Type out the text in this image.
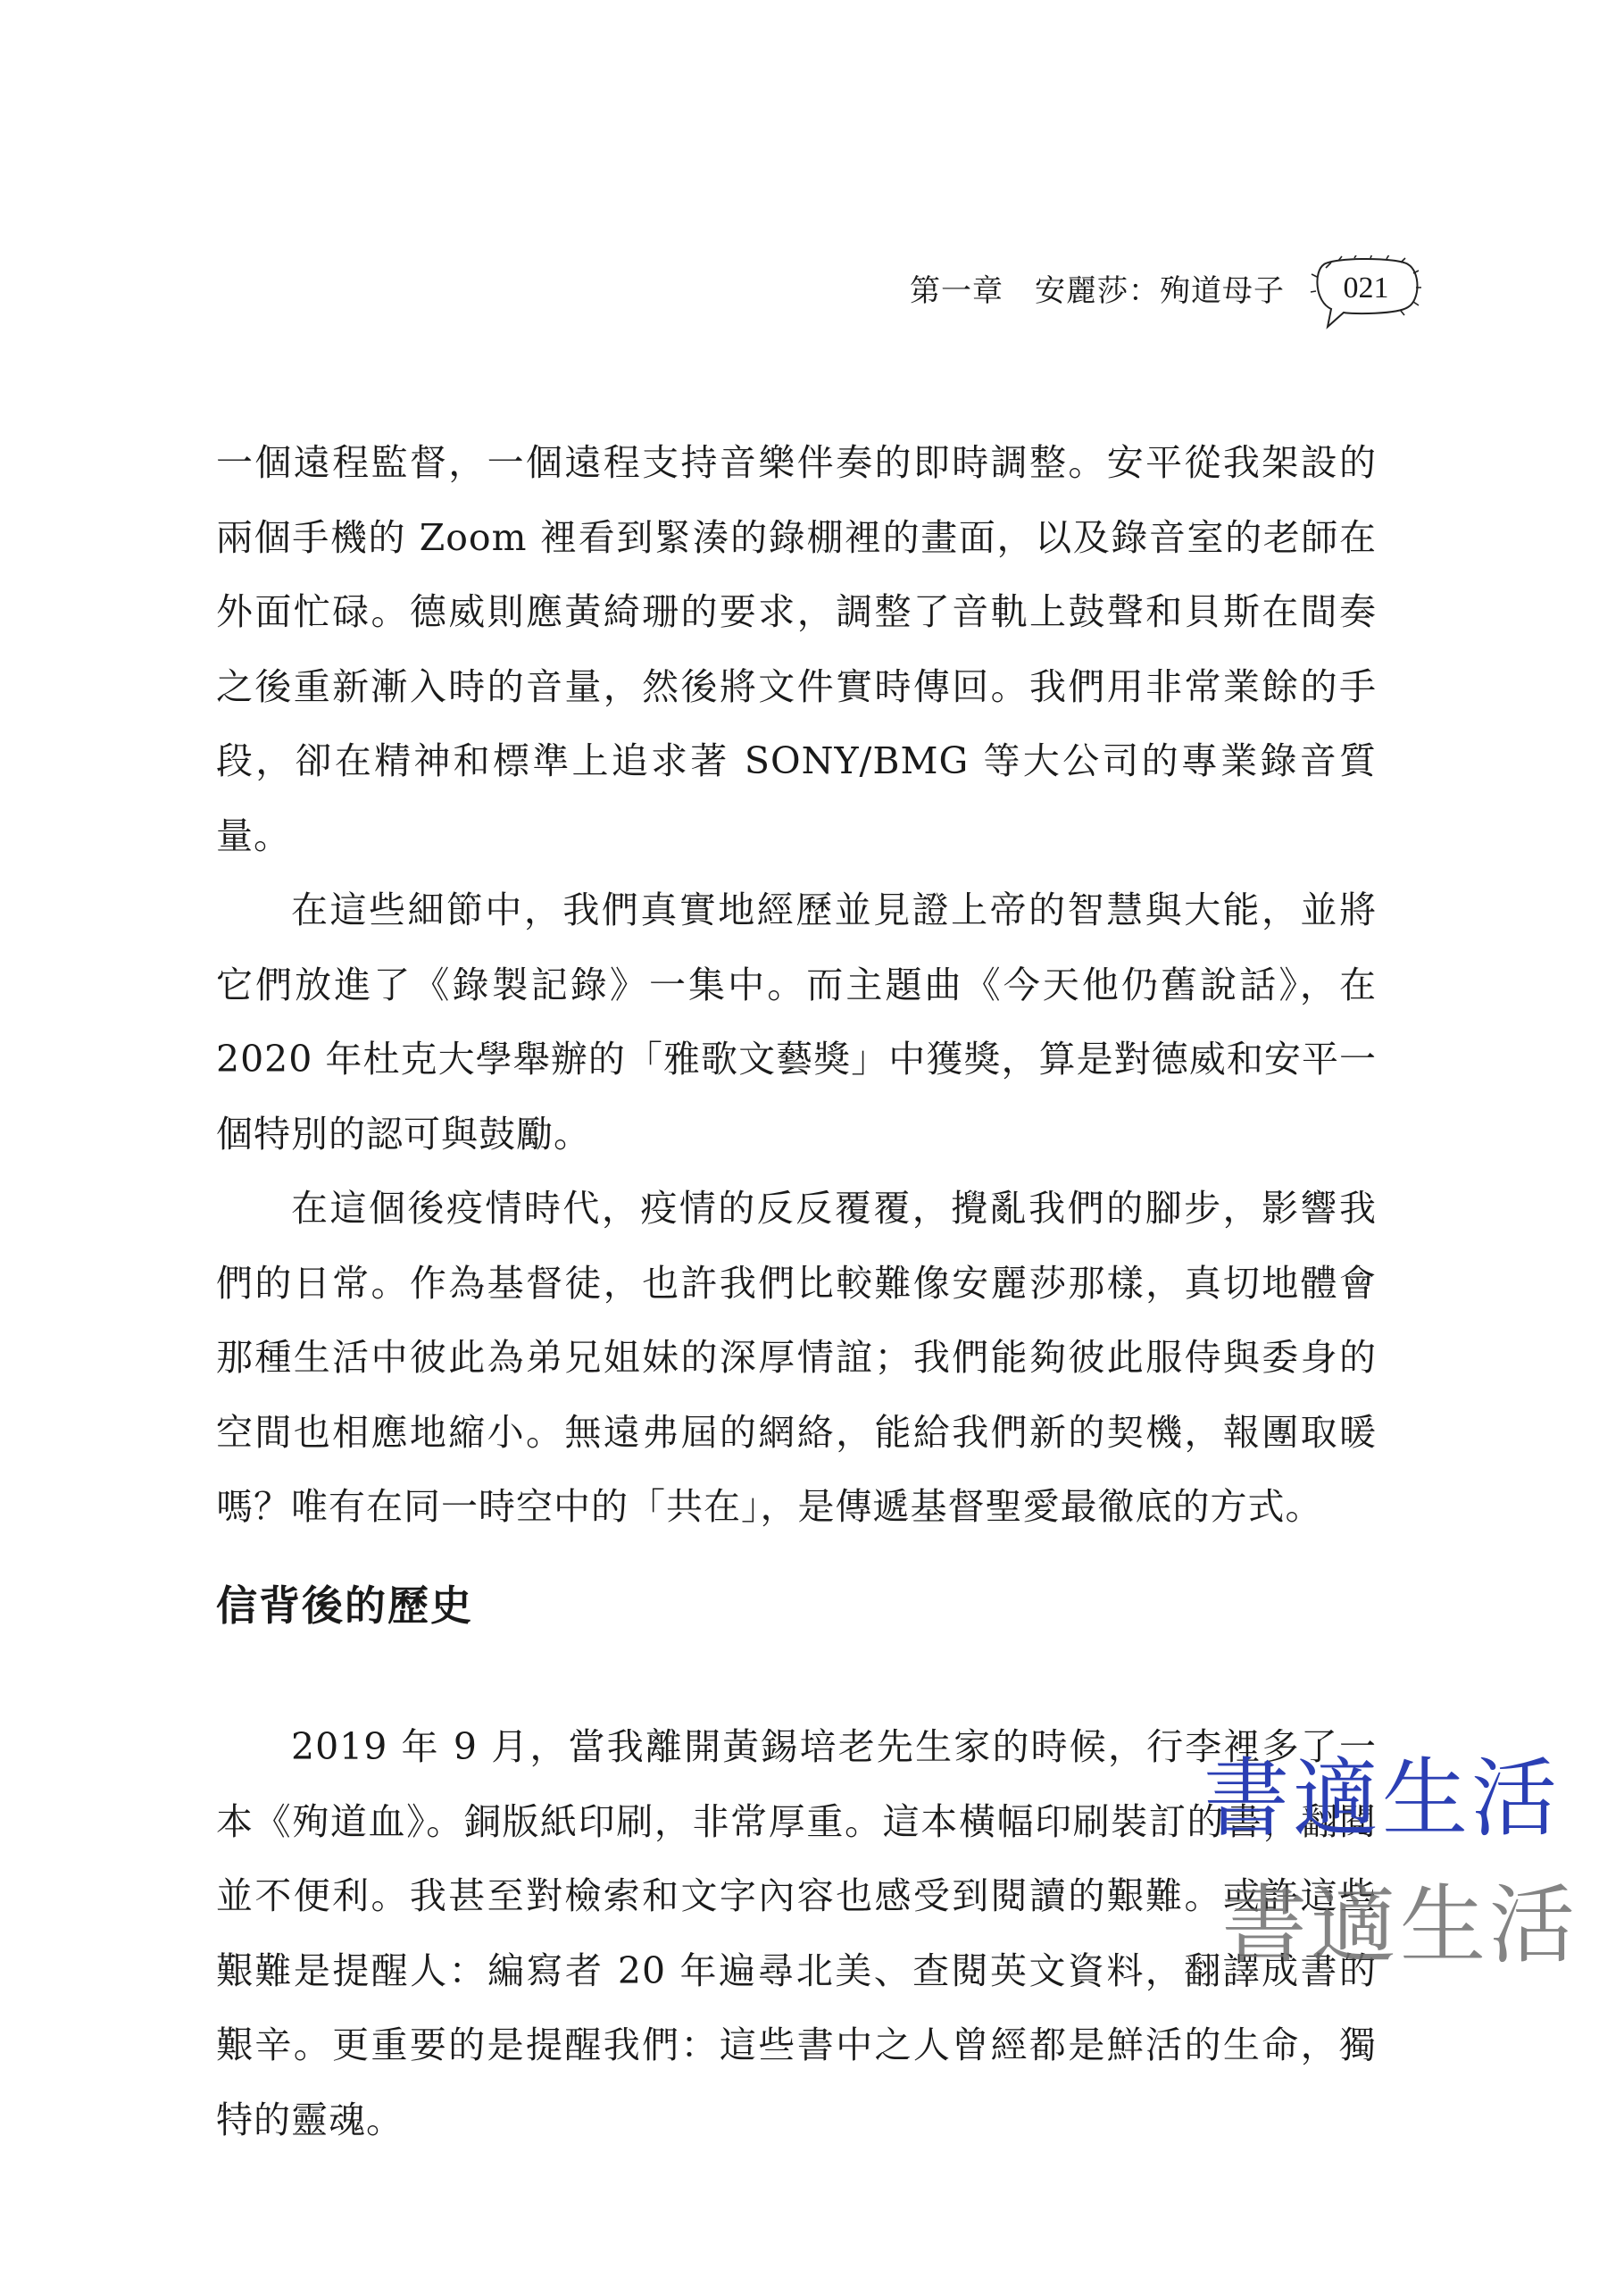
第一章　安麗莎：殉道母子	021

一個遠程監督，一個遠程支持音樂伴奏的即時調整。安平從我架設的兩個手機的 Zoom 裡看到緊湊的錄棚裡的畫面，以及錄音室的老師在外面忙碌。德威則應黃綺珊的要求，調整了音軌上鼓聲和貝斯在間奏之後重新漸入時的音量，然後將文件實時傳回。我們用非常業餘的手段，卻在精神和標準上追求著 SONY/BMG 等大公司的專業錄音質量。

在這些細節中，我們真實地經歷並見證上帝的智慧與大能，並將它們放進了《錄製記錄》一集中。而主題曲《今天他仍舊說話》，在 2020 年杜克大學舉辦的「雅歌文藝獎」中獲獎，算是對德威和安平一個特別的認可與鼓勵。

在這個後疫情時代，疫情的反反覆覆，攪亂我們的腳步，影響我們的日常。作為基督徒，也許我們比較難像安麗莎那樣，真切地體會那種生活中彼此為弟兄姐妹的深厚情誼；我們能夠彼此服侍與委身的空間也相應地縮小。無遠弗屆的網絡，能給我們新的契機，報團取暖嗎？唯有在同一時空中的「共在」，是傳遞基督聖愛最徹底的方式。

信背後的歷史

2019 年 9 月，當我離開黃錫培老先生家的時候，行李裡多了一本《殉道血》。銅版紙印刷，非常厚重。這本橫幅印刷裝訂的書，翻閱並不便利。我甚至對檢索和文字內容也感受到閱讀的艱難。或許這些艱難是提醒人：編寫者 20 年遍尋北美、查閱英文資料，翻譯成書的艱辛。更重要的是提醒我們：這些書中之人曾經都是鮮活的生命，獨特的靈魂。

書適生活
書適生活
